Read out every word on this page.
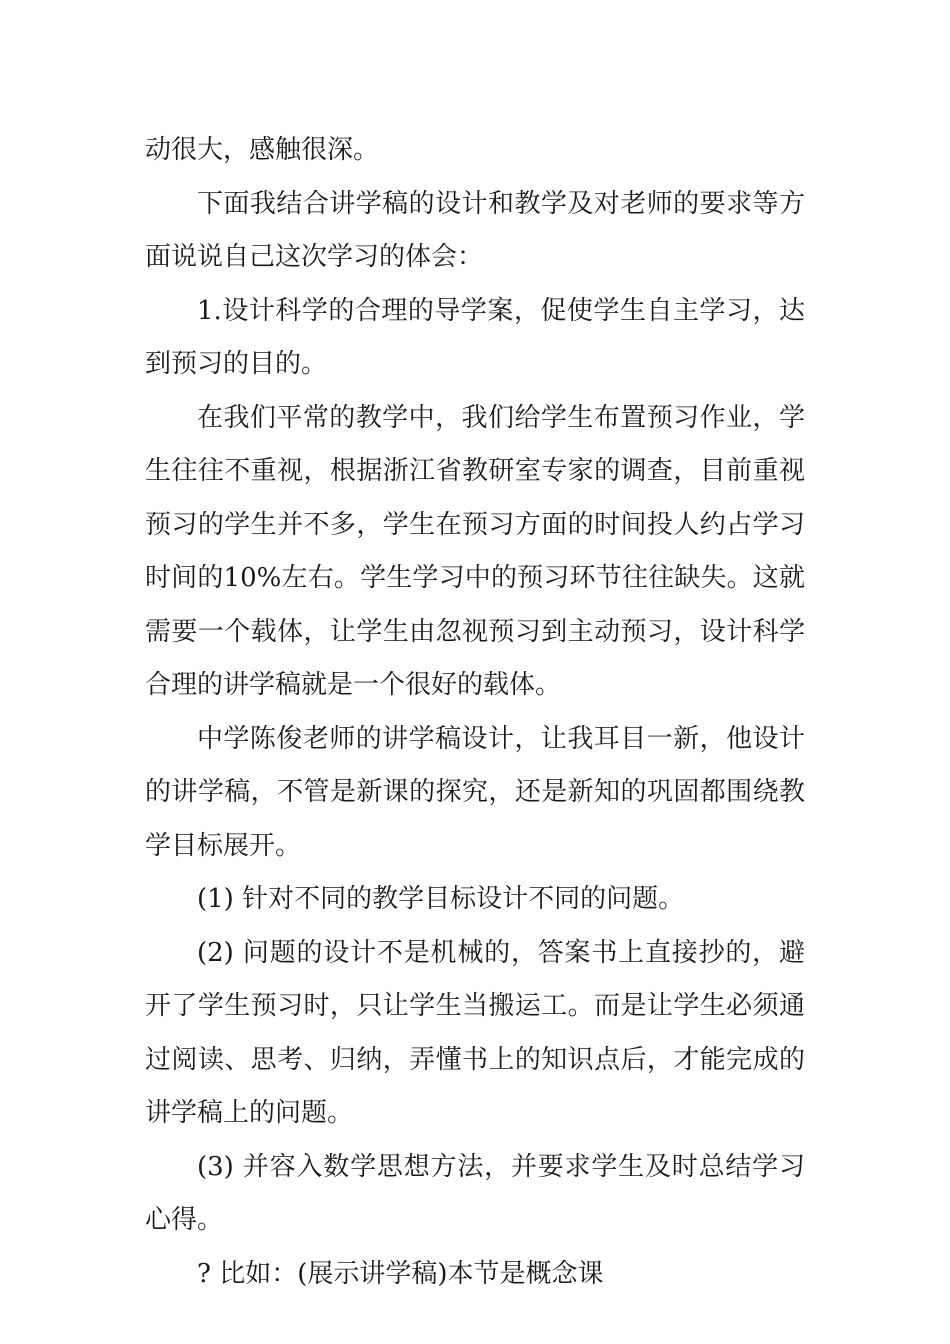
动很大，感触很深。

下面我结合讲学稿的设计和教学及对老师的要求等方面说说自己这次学习的体会：

1.设计科学的合理的导学案，促使学生自主学习，达到预习的目的。

在我们平常的教学中，我们给学生布置预习作业，学生往往不重视，根据浙江省教研室专家的调查，目前重视预习的学生并不多，学生在预习方面的时间投人约占学习时间的10%左右。学生学习中的预习环节往往缺失。这就需要一个载体，让学生由忽视预习到主动预习，设计科学合理的讲学稿就是一个很好的载体。

中学陈俊老师的讲学稿设计，让我耳目一新，他设计的讲学稿，不管是新课的探究，还是新知的巩固都围绕教学目标展开。

(1) 针对不同的教学目标设计不同的问题。

(2) 问题的设计不是机械的，答案书上直接抄的，避开了学生预习时，只让学生当搬运工。而是让学生必须通过阅读、思考、归纳，弄懂书上的知识点后，才能完成的讲学稿上的问题。

(3) 并容入数学思想方法，并要求学生及时总结学习心得。

? 比如：(展示讲学稿)本节是概念课
